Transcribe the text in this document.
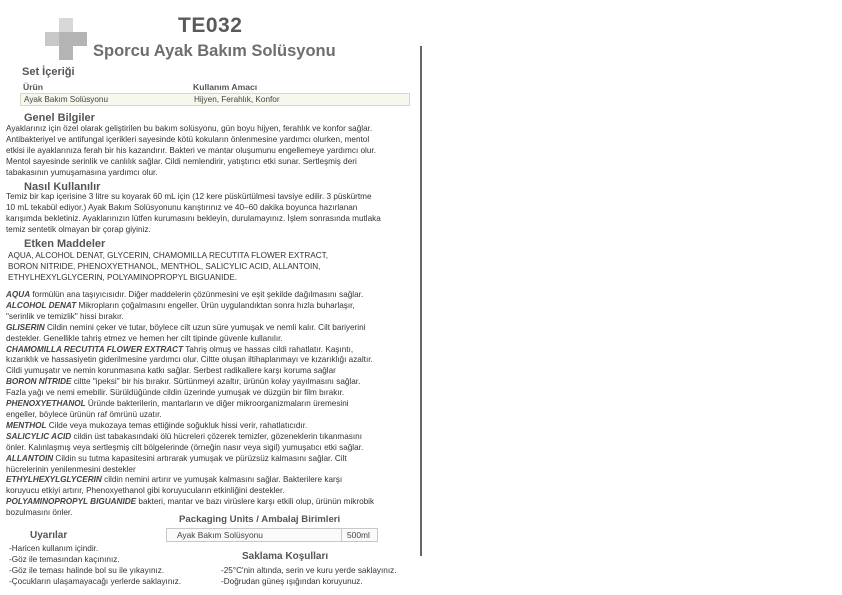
TE032
Sporcu Ayak Bakım Solüsyonu
Set İçeriği
Ürün	Kullanım Amacı
Ayak Bakım Solüsyonu	Hijyen, Ferahlık, Konfor
Genel Bilgiler

Ayaklarınız için özel olarak geliştirilen bu bakım solüsyonu, gün boyu hijyen, ferahlık ve konfor sağlar.

Antibakteriyel ve antifungal içerikleri sayesinde kötü kokuların önlenmesine yardımcı olurken, mentol

etkisi ile ayaklarınıza ferah bir his kazandırır. Bakteri ve mantar oluşumunu engellemeye yardımcı olur.

Mentol sayesinde serinlik ve canlılık sağlar. Cildi nemlendirir, yatıştırıcı etki sunar. Sertleşmiş deri

tabakasının yumuşamasına yardımcı olur.

Nasıl Kullanılır

Temiz bir kap içerisine 3 litre su koyarak 60 mL için (12 kere püskürtülmesi tavsiye edilir. 3 püskürtme

10 mL tekabül ediyor.) Ayak Bakım Solüsyonunu karıştırınız ve 40–60 dakika boyunca hazırlanan

karışımda bekletiniz. Ayaklarınızın lütfen kurumasını bekleyin, durulamayınız. İşlem sonrasında mutlaka

temiz sentetik olmayan bir çorap giyiniz.

Etken Maddeler
AQUA, ALCOHOL DENAT, GLYCERIN, CHAMOMILLA RECUTITA FLOWER EXTRACT,
BORON NITRIDE, PHENOXYETHANOL, MENTHOL, SALICYLIC ACID, ALLANTOIN,
ETHYLHEXYLGLYCERIN, POLYAMINOPROPYL BIGUANIDE.

AQUA formülün ana taşıyıcısıdır. Diğer maddelerin çözünmesini ve eşit şekilde dağılmasını sağlar.

ALCOHOL DENAT Mikropların çoğalmasını engeller. Ürün uygulandıktan sonra hızla buharlaşır,

"serinlik ve temizlik" hissi bırakır.

GLISERIN Cildin nemini çeker ve tutar, böylece cilt uzun süre yumuşak ve nemli kalır. Cilt bariyerini

destekler. Genellikle tahriş etmez ve hemen her cilt tipinde güvenle kullanılır.

CHAMOMILLA RECUTITA FLOWER EXTRACT Tahriş olmuş ve hassas cildi rahatlatır. Kaşıntı,

kızarıklık ve hassasiyetin giderilmesine yardımcı olur. Ciltte oluşan iltihaplanmayı ve kızarıklığı azaltır.

Cildi yumuşatır ve nemin korunmasına katkı sağlar. Serbest radikallere karşı koruma sağlar

BORON NİTRIDE ciltte "ipeksi" bir his bırakır. Sürtünmeyi azaltır, ürünün kolay yayılmasını sağlar.

Fazla yağı ve nemi emebilir. Sürüldüğünde cildin üzerinde yumuşak ve düzgün bir film bırakır.

PHENOXYETHANOL Üründe bakterilerin, mantarların ve diğer mikroorganizmaların üremesini

engeller, böylece ürünün raf ömrünü uzatır.

MENTHOL Cilde veya mukozaya temas ettiğinde soğukluk hissi verir, rahatlatıcıdır.

SALICYLIC ACID cildin üst tabakasındaki ölü hücreleri çözerek temizler, gözeneklerin tıkanmasını

önler. Kalınlaşmış veya sertleşmiş cilt bölgelerinde (örneğin nasır veya sigil) yumuşatıcı etki sağlar.

ALLANTOIN Cildin su tutma kapasitesini artırarak yumuşak ve pürüzsüz kalmasını sağlar. Cilt

hücrelerinin yenilenmesini destekler

ETHYLHEXYLGLYCERIN cildin nemini artırır ve yumuşak kalmasını sağlar. Bakterilere karşı

koruyucu etkiyi artırır, Phenoxyethanol gibi koruyucuların etkinliğini destekler.

POLYAMINOPROPYL BIGUANIDE bakteri, mantar ve bazı virüslere karşı etkili olup, ürünün mikrobik

bozulmasını önler.

Packaging Units / Ambalaj Birimleri
Ayak Bakım Solüsyonu	500ml
Uyarılar
-Haricen kullanım içindir.
-Göz ile temasından kaçınınız.
-Göz ile teması halinde bol su ile yıkayınız.
-Çocukların ulaşamayacağı yerlerde saklayınız.
Saklama Koşulları
-25°C'nin altında, serin ve kuru yerde saklayınız.
-Doğrudan güneş ışığından koruyunuz.
